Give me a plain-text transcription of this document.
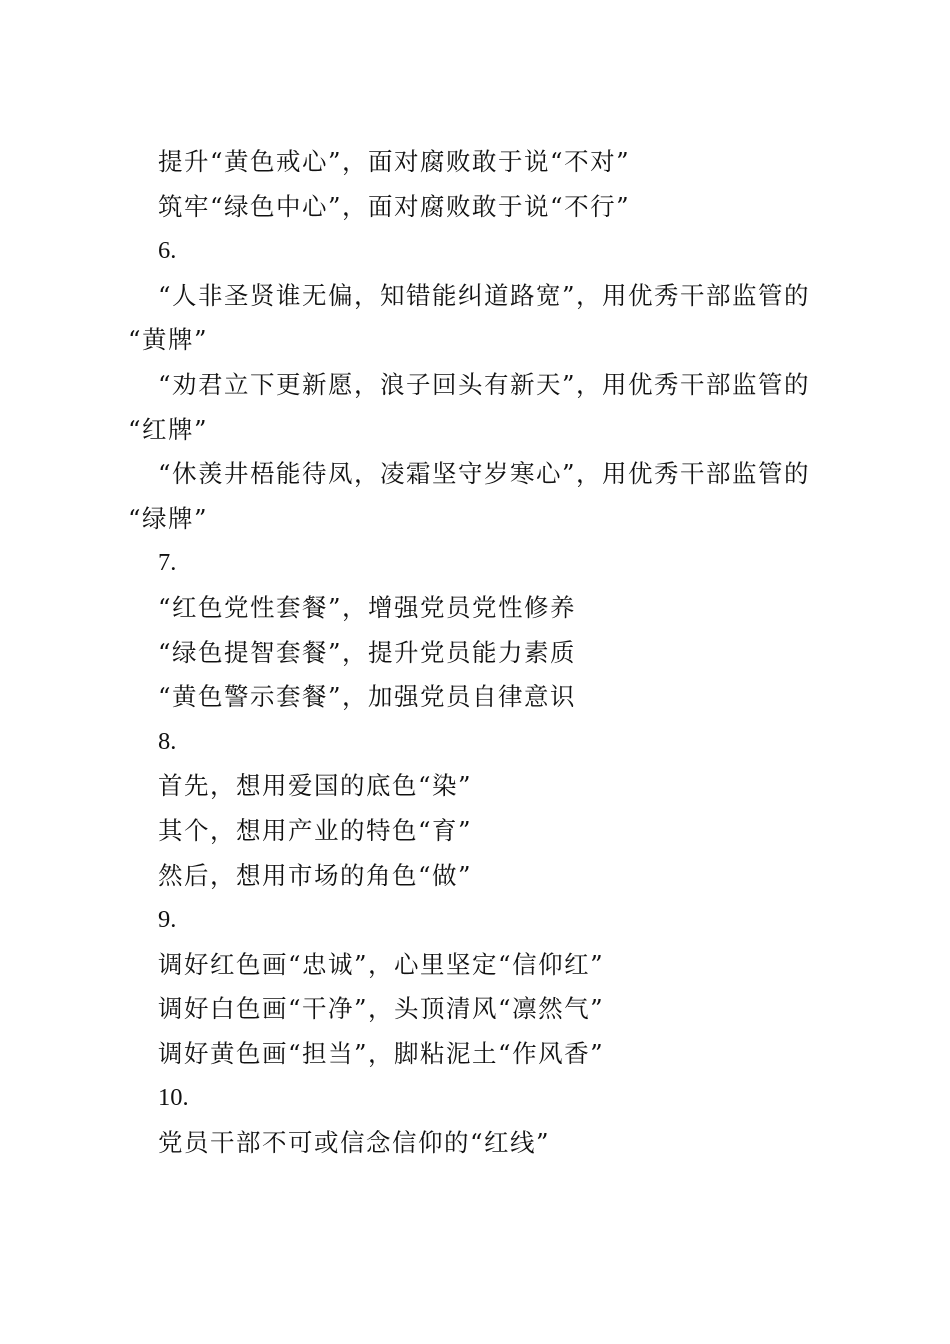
提升“黄色戒心”，面对腐败敢于说“不对”
筑牢“绿色中心”，面对腐败敢于说“不行”
6.
“人非圣贤谁无偏，知错能纠道路宽”，用优秀干部监管的
“黄牌”
“劝君立下更新愿，浪子回头有新天”，用优秀干部监管的
“红牌”
“休羡井梧能待凤，凌霜坚守岁寒心”，用优秀干部监管的
“绿牌”
7.
“红色党性套餐”，增强党员党性修养
“绿色提智套餐”，提升党员能力素质
“黄色警示套餐”，加强党员自律意识
8.
首先，想用爱国的底色“染”
其个，想用产业的特色“育”
然后，想用市场的角色“做”
9.
调好红色画“忠诚”，心里坚定“信仰红”
调好白色画“干净”，头顶清风“凛然气”
调好黄色画“担当”，脚粘泥土“作风香”
10.
党员干部不可或信念信仰的“红线”
